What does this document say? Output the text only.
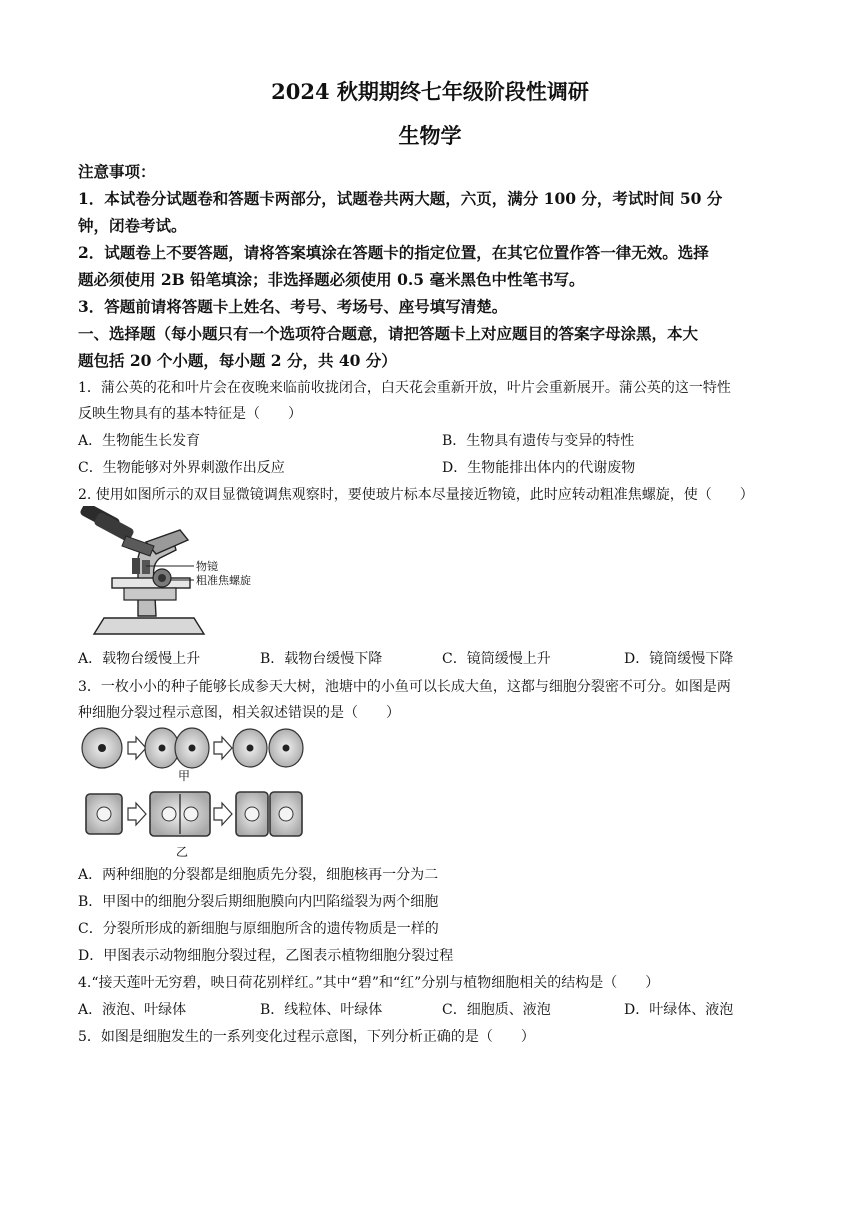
2024 秋期期终七年级阶段性调研
生物学
注意事项：
1．本试卷分试题卷和答题卡两部分，试题卷共两大题，六页，满分 100 分，考试时间 50 分
钟，闭卷考试。
2．试题卷上不要答题，请将答案填涂在答题卡的指定位置，在其它位置作答一律无效。选择
题必须使用 2B 铅笔填涂；非选择题必须使用 0.5 毫米黑色中性笔书写。
3．答题前请将答题卡上姓名、考号、考场号、座号填写清楚。
一、选择题（每小题只有一个选项符合题意，请把答题卡上对应题目的答案字母涂黑，本大
题包括 20 个小题，每小题 2 分，共 40 分）
1．蒲公英的花和叶片会在夜晚来临前收拢闭合，白天花会重新开放，叶片会重新展开。蒲公英的这一特性
反映生物具有的基本特征是（　　）
A．生物能生长发育	B．生物具有遗传与变异的特性
C．生物能够对外界刺激作出反应	D．生物能排出体内的代谢废物
2. 使用如图所示的双目显微镜调焦观察时，要使玻片标本尽量接近物镜，此时应转动粗准焦螺旋，使（　　）
物镜
粗准焦螺旋
A．载物台缓慢上升	B．载物台缓慢下降	C．镜筒缓慢上升	D．镜筒缓慢下降
3．一枚小小的种子能够长成参天大树，池塘中的小鱼可以长成大鱼，这都与细胞分裂密不可分。如图是两
种细胞分裂过程示意图，相关叙述错误的是（　　）
甲
乙
A．两种细胞的分裂都是细胞质先分裂，细胞核再一分为二
B．甲图中的细胞分裂后期细胞膜向内凹陷缢裂为两个细胞
C．分裂所形成的新细胞与原细胞所含的遗传物质是一样的
D．甲图表示动物细胞分裂过程，乙图表示植物细胞分裂过程
4.“接天莲叶无穷碧，映日荷花别样红。”其中“碧”和“红”分别与植物细胞相关的结构是（　　）
A．液泡、叶绿体	B．线粒体、叶绿体	C．细胞质、液泡	D．叶绿体、液泡
5．如图是细胞发生的一系列变化过程示意图，下列分析正确的是（　　）
